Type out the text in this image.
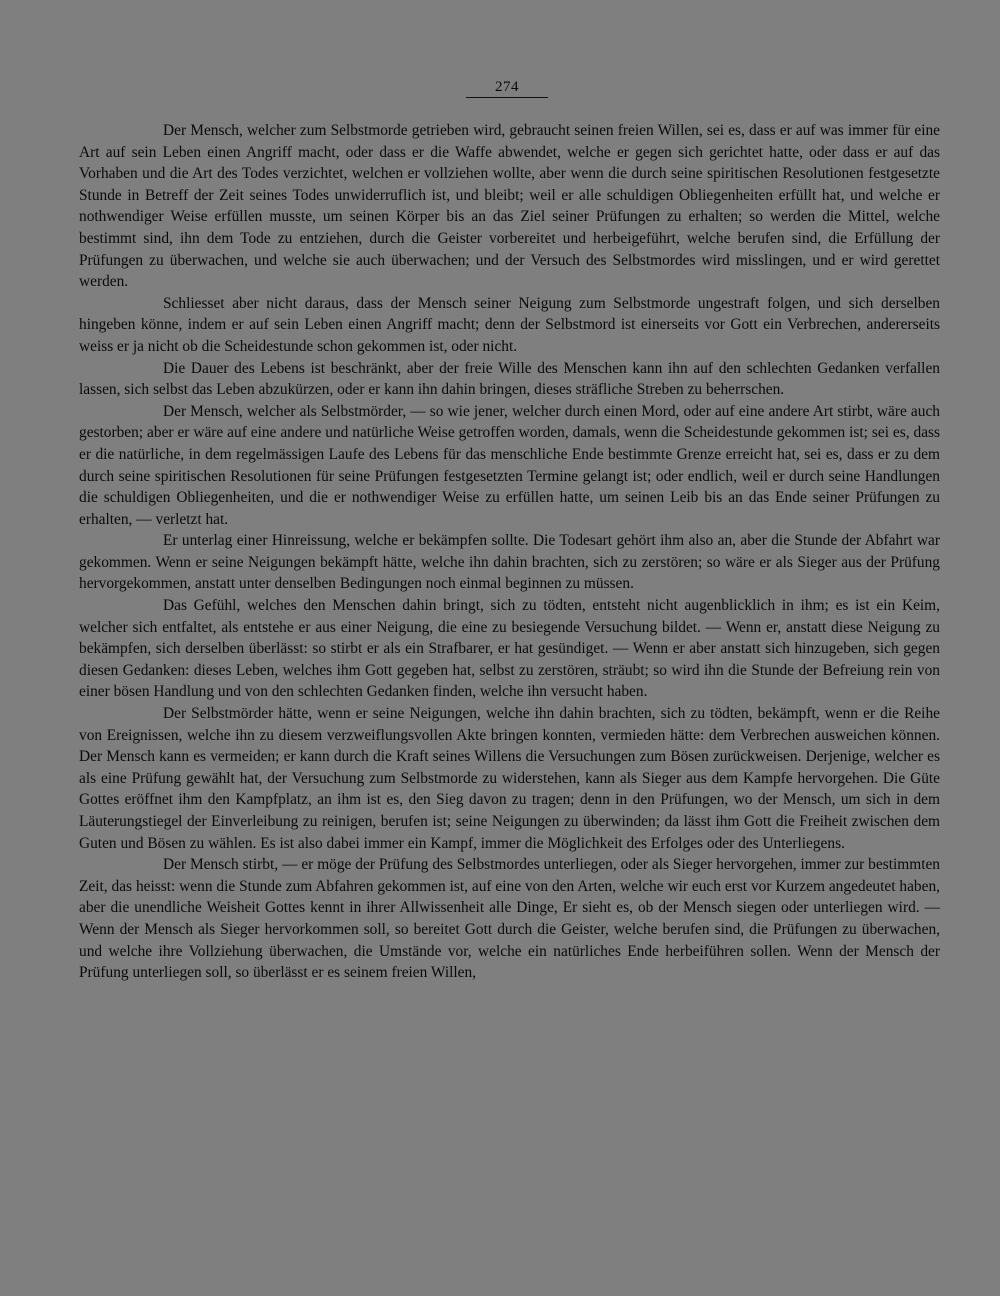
274

Der Mensch, welcher zum Selbstmorde getrieben wird, gebraucht seinen freien Willen, sei es, dass er auf was immer für eine Art auf sein Leben einen Angriff macht, oder dass er die Waffe abwendet, welche er gegen sich gerichtet hatte, oder dass er auf das Vorhaben und die Art des Todes verzichtet, welchen er vollziehen wollte, aber wenn die durch seine spiritischen Resolutionen festgesetzte Stunde in Betreff der Zeit seines Todes unwiderruflich ist, und bleibt; weil er alle schuldigen Obliegenheiten erfüllt hat, und welche er nothwendiger Weise erfüllen musste, um seinen Körper bis an das Ziel seiner Prüfungen zu erhalten; so werden die Mittel, welche bestimmt sind, ihn dem Tode zu entziehen, durch die Geister vorbereitet und herbeigeführt, welche berufen sind, die Erfüllung der Prüfungen zu überwachen, und welche sie auch überwachen; und der Versuch des Selbstmordes wird misslingen, und er wird gerettet werden.

Schliesset aber nicht daraus, dass der Mensch seiner Neigung zum Selbstmorde ungestraft folgen, und sich derselben hingeben könne, indem er auf sein Leben einen Angriff macht; denn der Selbstmord ist einerseits vor Gott ein Verbrechen, andererseits weiss er ja nicht ob die Scheidestunde schon gekommen ist, oder nicht.

Die Dauer des Lebens ist beschränkt, aber der freie Wille des Menschen kann ihn auf den schlechten Gedanken verfallen lassen, sich selbst das Leben abzukürzen, oder er kann ihn dahin bringen, dieses sträfliche Streben zu beherrschen.

Der Mensch, welcher als Selbstmörder, — so wie jener, welcher durch einen Mord, oder auf eine andere Art stirbt, wäre auch gestorben; aber er wäre auf eine andere und natürliche Weise getroffen worden, damals, wenn die Scheidestunde gekommen ist; sei es, dass er die natürliche, in dem regelmässigen Laufe des Lebens für das menschliche Ende bestimmte Grenze erreicht hat, sei es, dass er zu dem durch seine spiritischen Resolutionen für seine Prüfungen festgesetzten Termine gelangt ist; oder endlich, weil er durch seine Handlungen die schuldigen Obliegenheiten, und die er nothwendiger Weise zu erfüllen hatte, um seinen Leib bis an das Ende seiner Prüfungen zu erhalten, — verletzt hat.

Er unterlag einer Hinreissung, welche er bekämpfen sollte. Die Todesart gehört ihm also an, aber die Stunde der Abfahrt war gekommen. Wenn er seine Neigungen bekämpft hätte, welche ihn dahin brachten, sich zu zerstören; so wäre er als Sieger aus der Prüfung hervorgekommen, anstatt unter denselben Bedingungen noch einmal beginnen zu müssen.

Das Gefühl, welches den Menschen dahin bringt, sich zu tödten, entsteht nicht augenblicklich in ihm; es ist ein Keim, welcher sich entfaltet, als entstehe er aus einer Neigung, die eine zu besiegende Versuchung bildet. — Wenn er, anstatt diese Neigung zu bekämpfen, sich derselben überlässt: so stirbt er als ein Strafbarer, er hat gesündiget. — Wenn er aber anstatt sich hinzugeben, sich gegen diesen Gedanken: dieses Leben, welches ihm Gott gegeben hat, selbst zu zerstören, sträubt; so wird ihn die Stunde der Befreiung rein von einer bösen Handlung und von den schlechten Gedanken finden, welche ihn versucht haben.

Der Selbstmörder hätte, wenn er seine Neigungen, welche ihn dahin brachten, sich zu tödten, bekämpft, wenn er die Reihe von Ereignissen, welche ihn zu diesem verzweiflungsvollen Akte bringen konnten, vermieden hätte: dem Verbrechen ausweichen können. Der Mensch kann es vermeiden; er kann durch die Kraft seines Willens die Versuchungen zum Bösen zurückweisen. Derjenige, welcher es als eine Prüfung gewählt hat, der Versuchung zum Selbstmorde zu widerstehen, kann als Sieger aus dem Kampfe hervorgehen. Die Güte Gottes eröffnet ihm den Kampfplatz, an ihm ist es, den Sieg davon zu tragen; denn in den Prüfungen, wo der Mensch, um sich in dem Läuterungstiegel der Einverleibung zu reinigen, berufen ist; seine Neigungen zu überwinden; da lässt ihm Gott die Freiheit zwischen dem Guten und Bösen zu wählen. Es ist also dabei immer ein Kampf, immer die Möglichkeit des Erfolges oder des Unterliegens.

Der Mensch stirbt, — er möge der Prüfung des Selbstmordes unterliegen, oder als Sieger hervorgehen, immer zur bestimmten Zeit, das heisst: wenn die Stunde zum Abfahren gekommen ist, auf eine von den Arten, welche wir euch erst vor Kurzem angedeutet haben, aber die unendliche Weisheit Gottes kennt in ihrer Allwissenheit alle Dinge, Er sieht es, ob der Mensch siegen oder unterliegen wird. — Wenn der Mensch als Sieger hervorkommen soll, so bereitet Gott durch die Geister, welche berufen sind, die Prüfungen zu überwachen, und welche ihre Vollziehung überwachen, die Umstände vor, welche ein natürliches Ende herbeiführen sollen. Wenn der Mensch der Prüfung unterliegen soll, so überlässt er es seinem freien Willen,
